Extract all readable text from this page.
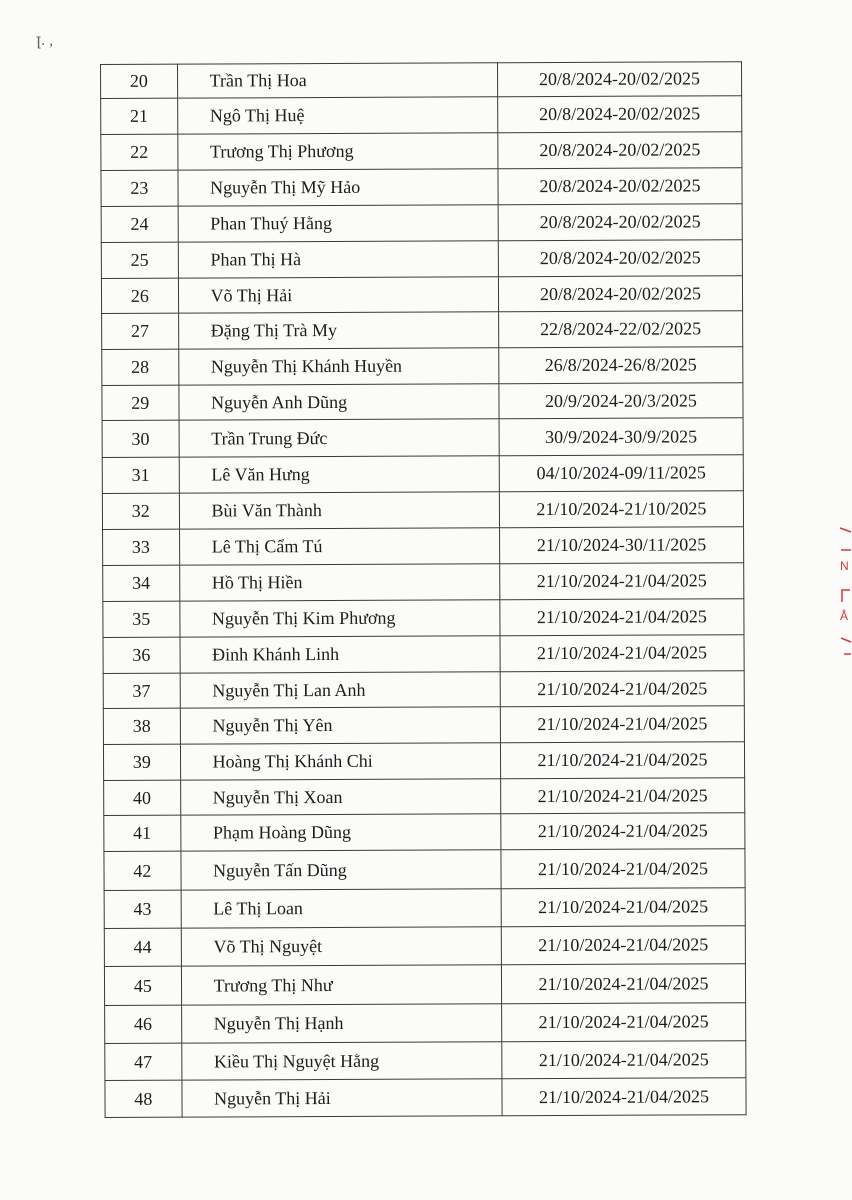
ꞁ. ,
N
Å
20	Trần Thị Hoa	20/8/2024-20/02/2025
21	Ngô Thị Huệ	20/8/2024-20/02/2025
22	Trương Thị Phương	20/8/2024-20/02/2025
23	Nguyễn Thị Mỹ Hảo	20/8/2024-20/02/2025
24	Phan Thuý Hằng	20/8/2024-20/02/2025
25	Phan Thị Hà	20/8/2024-20/02/2025
26	Võ Thị Hải	20/8/2024-20/02/2025
27	Đặng Thị Trà My	22/8/2024-22/02/2025
28	Nguyễn Thị Khánh Huyền	26/8/2024-26/8/2025
29	Nguyễn Anh Dũng	20/9/2024-20/3/2025
30	Trần Trung Đức	30/9/2024-30/9/2025
31	Lê Văn Hưng	04/10/2024-09/11/2025
32	Bùi Văn Thành	21/10/2024-21/10/2025
33	Lê Thị Cẩm Tú	21/10/2024-30/11/2025
34	Hồ Thị Hiền	21/10/2024-21/04/2025
35	Nguyễn Thị Kim Phương	21/10/2024-21/04/2025
36	Đinh Khánh Linh	21/10/2024-21/04/2025
37	Nguyễn Thị Lan Anh	21/10/2024-21/04/2025
38	Nguyễn Thị Yên	21/10/2024-21/04/2025
39	Hoàng Thị Khánh Chi	21/10/2024-21/04/2025
40	Nguyễn Thị Xoan	21/10/2024-21/04/2025
41	Phạm Hoàng Dũng	21/10/2024-21/04/2025
42	Nguyễn Tấn Dũng	21/10/2024-21/04/2025
43	Lê Thị Loan	21/10/2024-21/04/2025
44	Võ Thị Nguyệt	21/10/2024-21/04/2025
45	Trương Thị Như	21/10/2024-21/04/2025
46	Nguyễn Thị Hạnh	21/10/2024-21/04/2025
47	Kiều Thị Nguyệt Hằng	21/10/2024-21/04/2025
48	Nguyễn Thị Hải	21/10/2024-21/04/2025
